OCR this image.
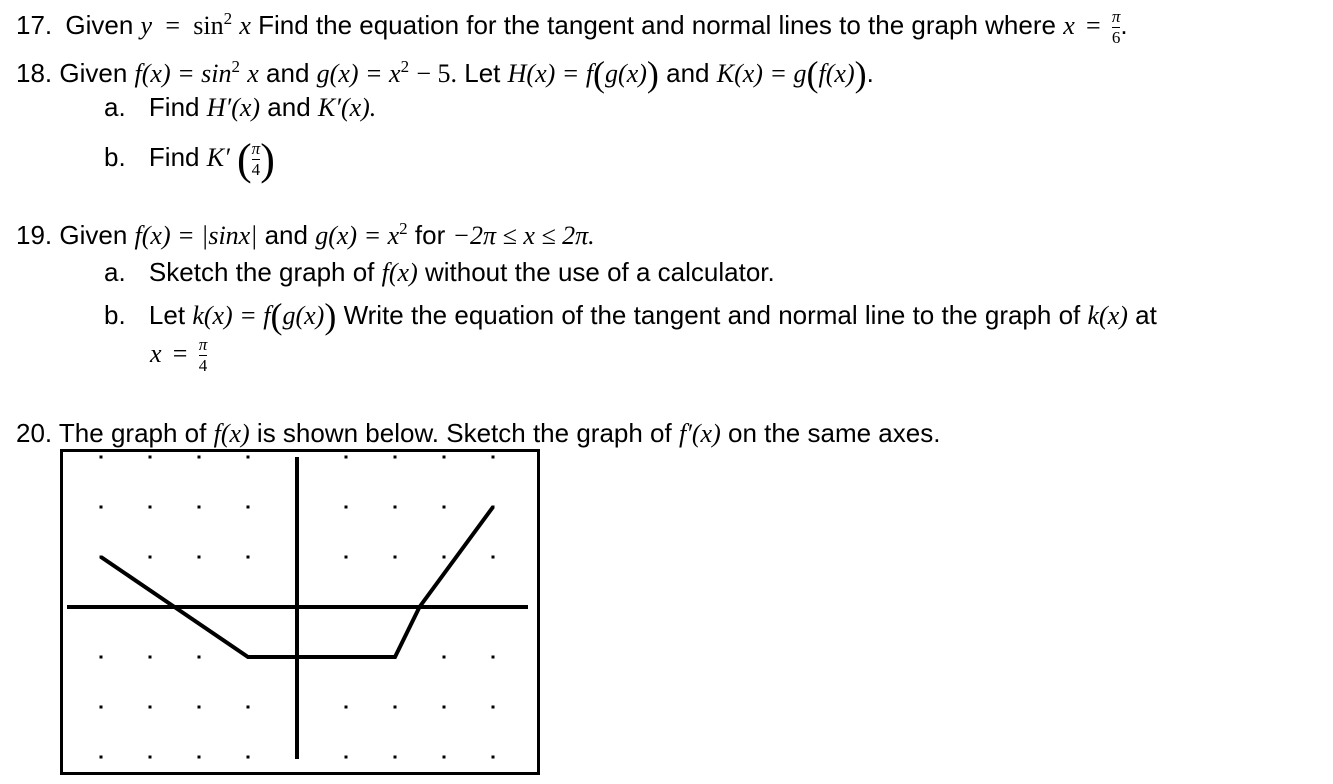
17. Given $y = \sin^2 x$ Find the equation for the tangent and normal lines to the graph where $x = \frac{\pi}{6}$ .
18. Given $f(x) = \sin^2 x$ and $g(x) = x^2 - 5$. Let H(x) = f(g(x)) and K(x) = g(f(x)).
a. Find H′(x) and K′(x).
b. Find K′ ( $\frac{\pi}{4}$ )
19. Given f(x) = |sinx| and $g(x) = x^2$ for −2π ≤ x ≤ 2π.
a. Sketch the graph of f(x) without the use of a calculator.
b. Let k(x) = f(g(x)) Write the equation of the tangent and normal line to the graph of k(x) at
$x = \frac{\pi}{4}$
20. The graph of f(x) is shown below. Sketch the graph of f′(x) on the same axes.
